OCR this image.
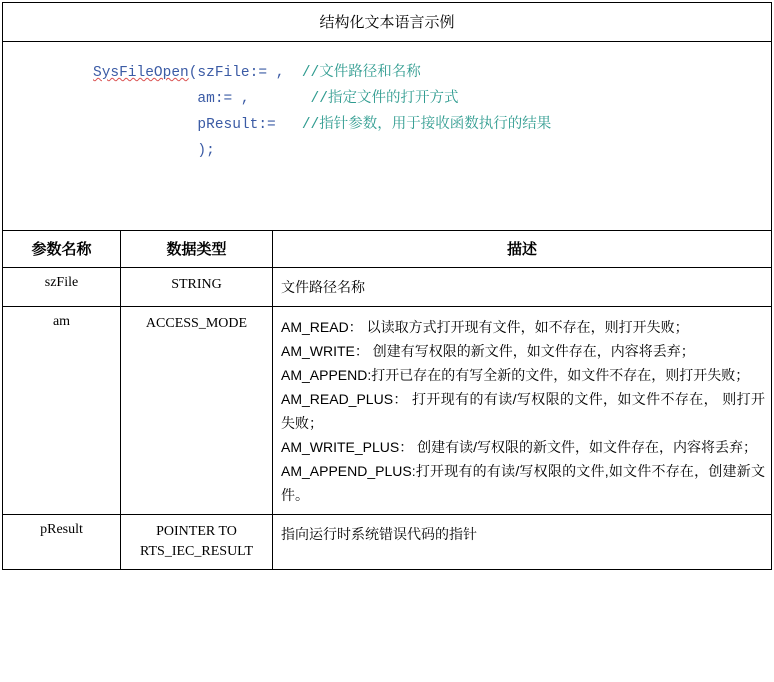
结构化文本语言示例		

SysFileOpen(szFile:= ,  //文件路径和名称
am:= ,       //指定文件的打开方式
pResult:=   //指针参数，用于接收函数执行的结果
);		

参数名称	数据类型	描述
szFile	STRING	文件路径名称
am	ACCESS_MODE	AM_READ： 以读取方式打开现有文件，如不存在，则打开失败；
AM_WRITE： 创建有写权限的新文件，如文件存在，内容将丢弃；
AM_APPEND:打开已存在的有写全新的文件，如文件不存在，则打开失败；
AM_READ_PLUS： 打开现有的有读/写权限的文件，如文件不存在， 则打开失败；
AM_WRITE_PLUS： 创建有读/写权限的新文件，如文件存在，内容将丢弃；
AM_APPEND_PLUS:打开现有的有读/写权限的文件,如文件不存在，创建新文件。

pResult	POINTER TO RTS_IEC_RESULT	指向运行时系统错误代码的指针
